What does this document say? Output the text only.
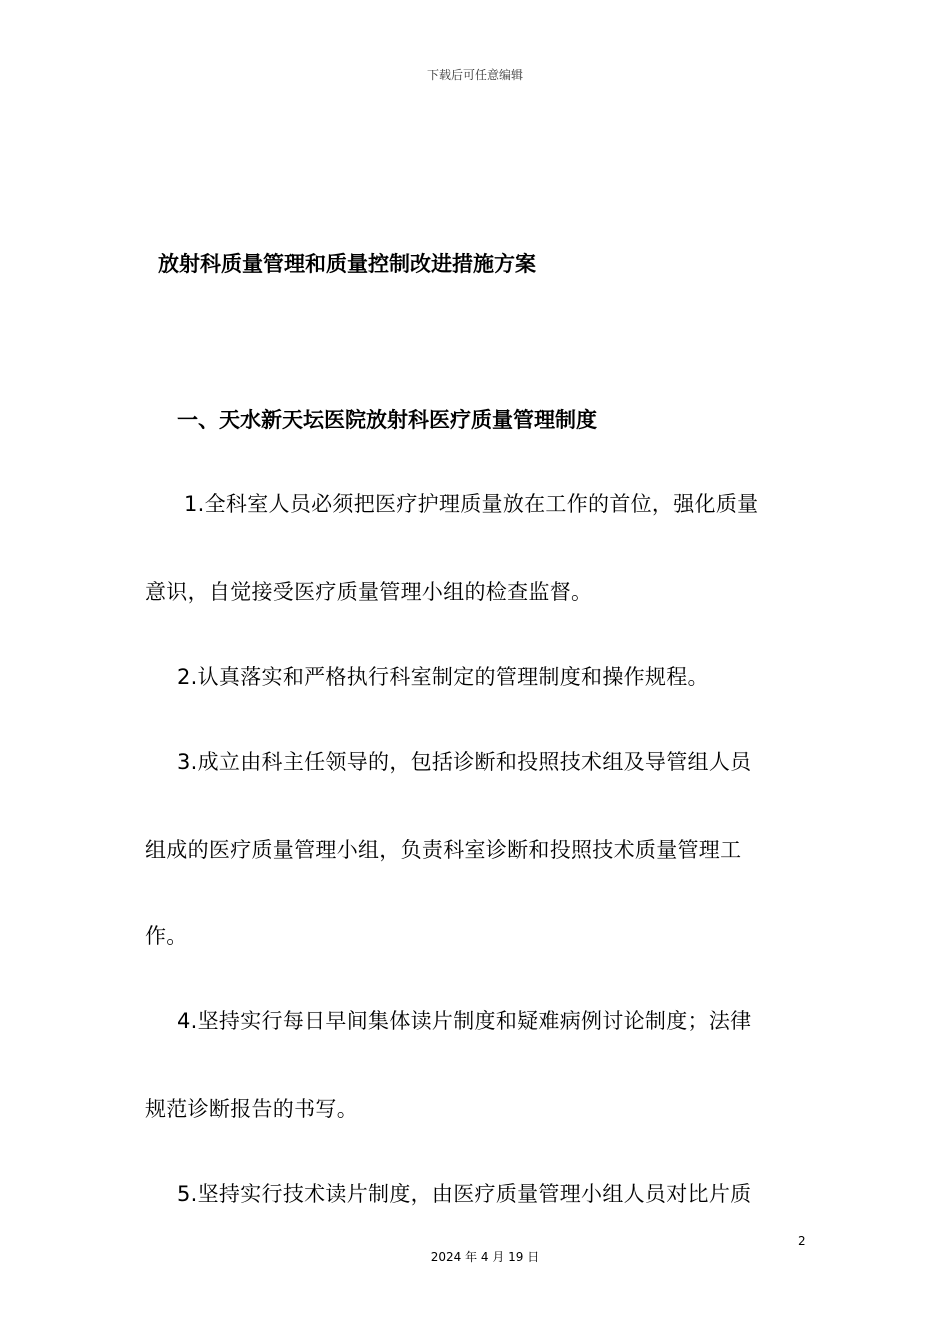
下载后可任意编辑
放射科质量管理和质量控制改进措施方案
一、天水新天坛医院放射科医疗质量管理制度
1.全科室人员必须把医疗护理质量放在工作的首位，强化质量
意识，自觉接受医疗质量管理小组的检查监督。
2.认真落实和严格执行科室制定的管理制度和操作规程。
3.成立由科主任领导的，包括诊断和投照技术组及导管组人员
组成的医疗质量管理小组，负责科室诊断和投照技术质量管理工
作。
4.坚持实行每日早间集体读片制度和疑难病例讨论制度；法律
规范诊断报告的书写。
5.坚持实行技术读片制度，由医疗质量管理小组人员对比片质
2
2024 年 4 月 19 日
